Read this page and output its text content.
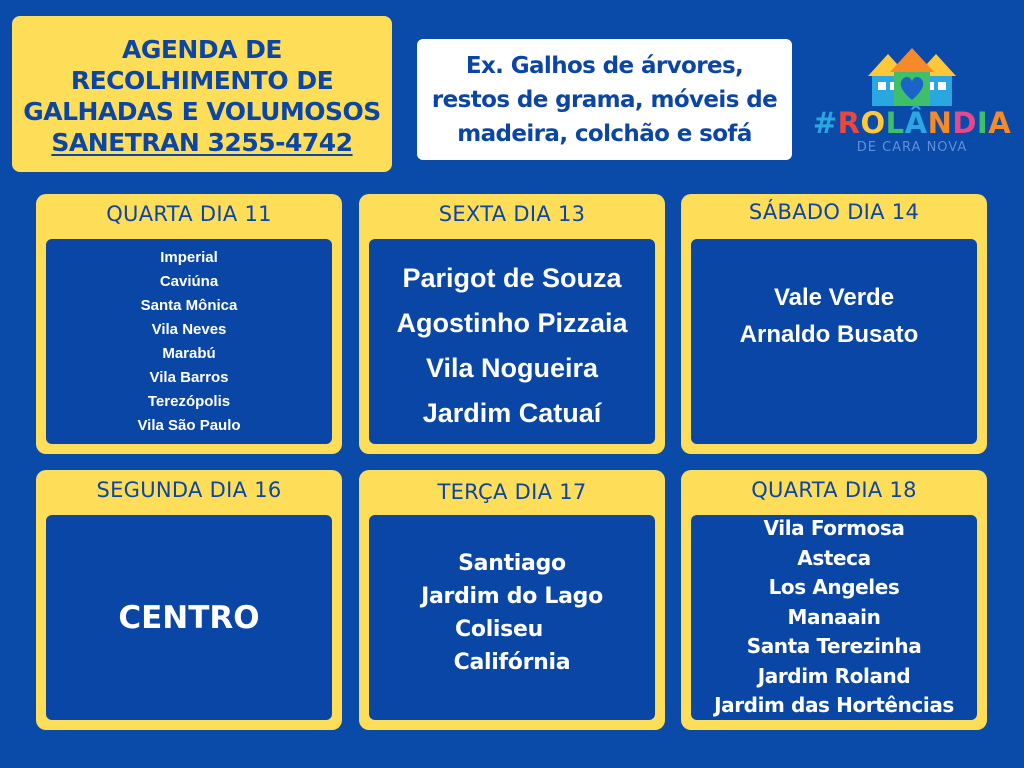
AGENDA DE
RECOLHIMENTO DE
GALHADAS E VOLUMOSOS
SANETRAN 3255-4742
Ex. Galhos de árvores,
restos de grama, móveis de
madeira, colchão e sofá #ROLÂNDIA
DE CARA NOVA
QUARTA DIA 11
Imperial
Caviúna
Santa Mônica
Vila Neves
Marabú
Vila Barros
Terezópolis
Vila São Paulo
SEXTA DIA 13
Parigot de Souza
Agostinho Pizzaia
Vila Nogueira
Jardim Catuaí
SÁBADO DIA 14
Vale Verde
Arnaldo Busato
SEGUNDA DIA 16
CENTRO
TERÇA DIA 17
Santiago
Jardim do Lago
Coliseu
Califórnia
QUARTA DIA 18
Vila Formosa
Asteca
Los Angeles
Manaain
Santa Terezinha
Jardim Roland
Jardim das Hortências
